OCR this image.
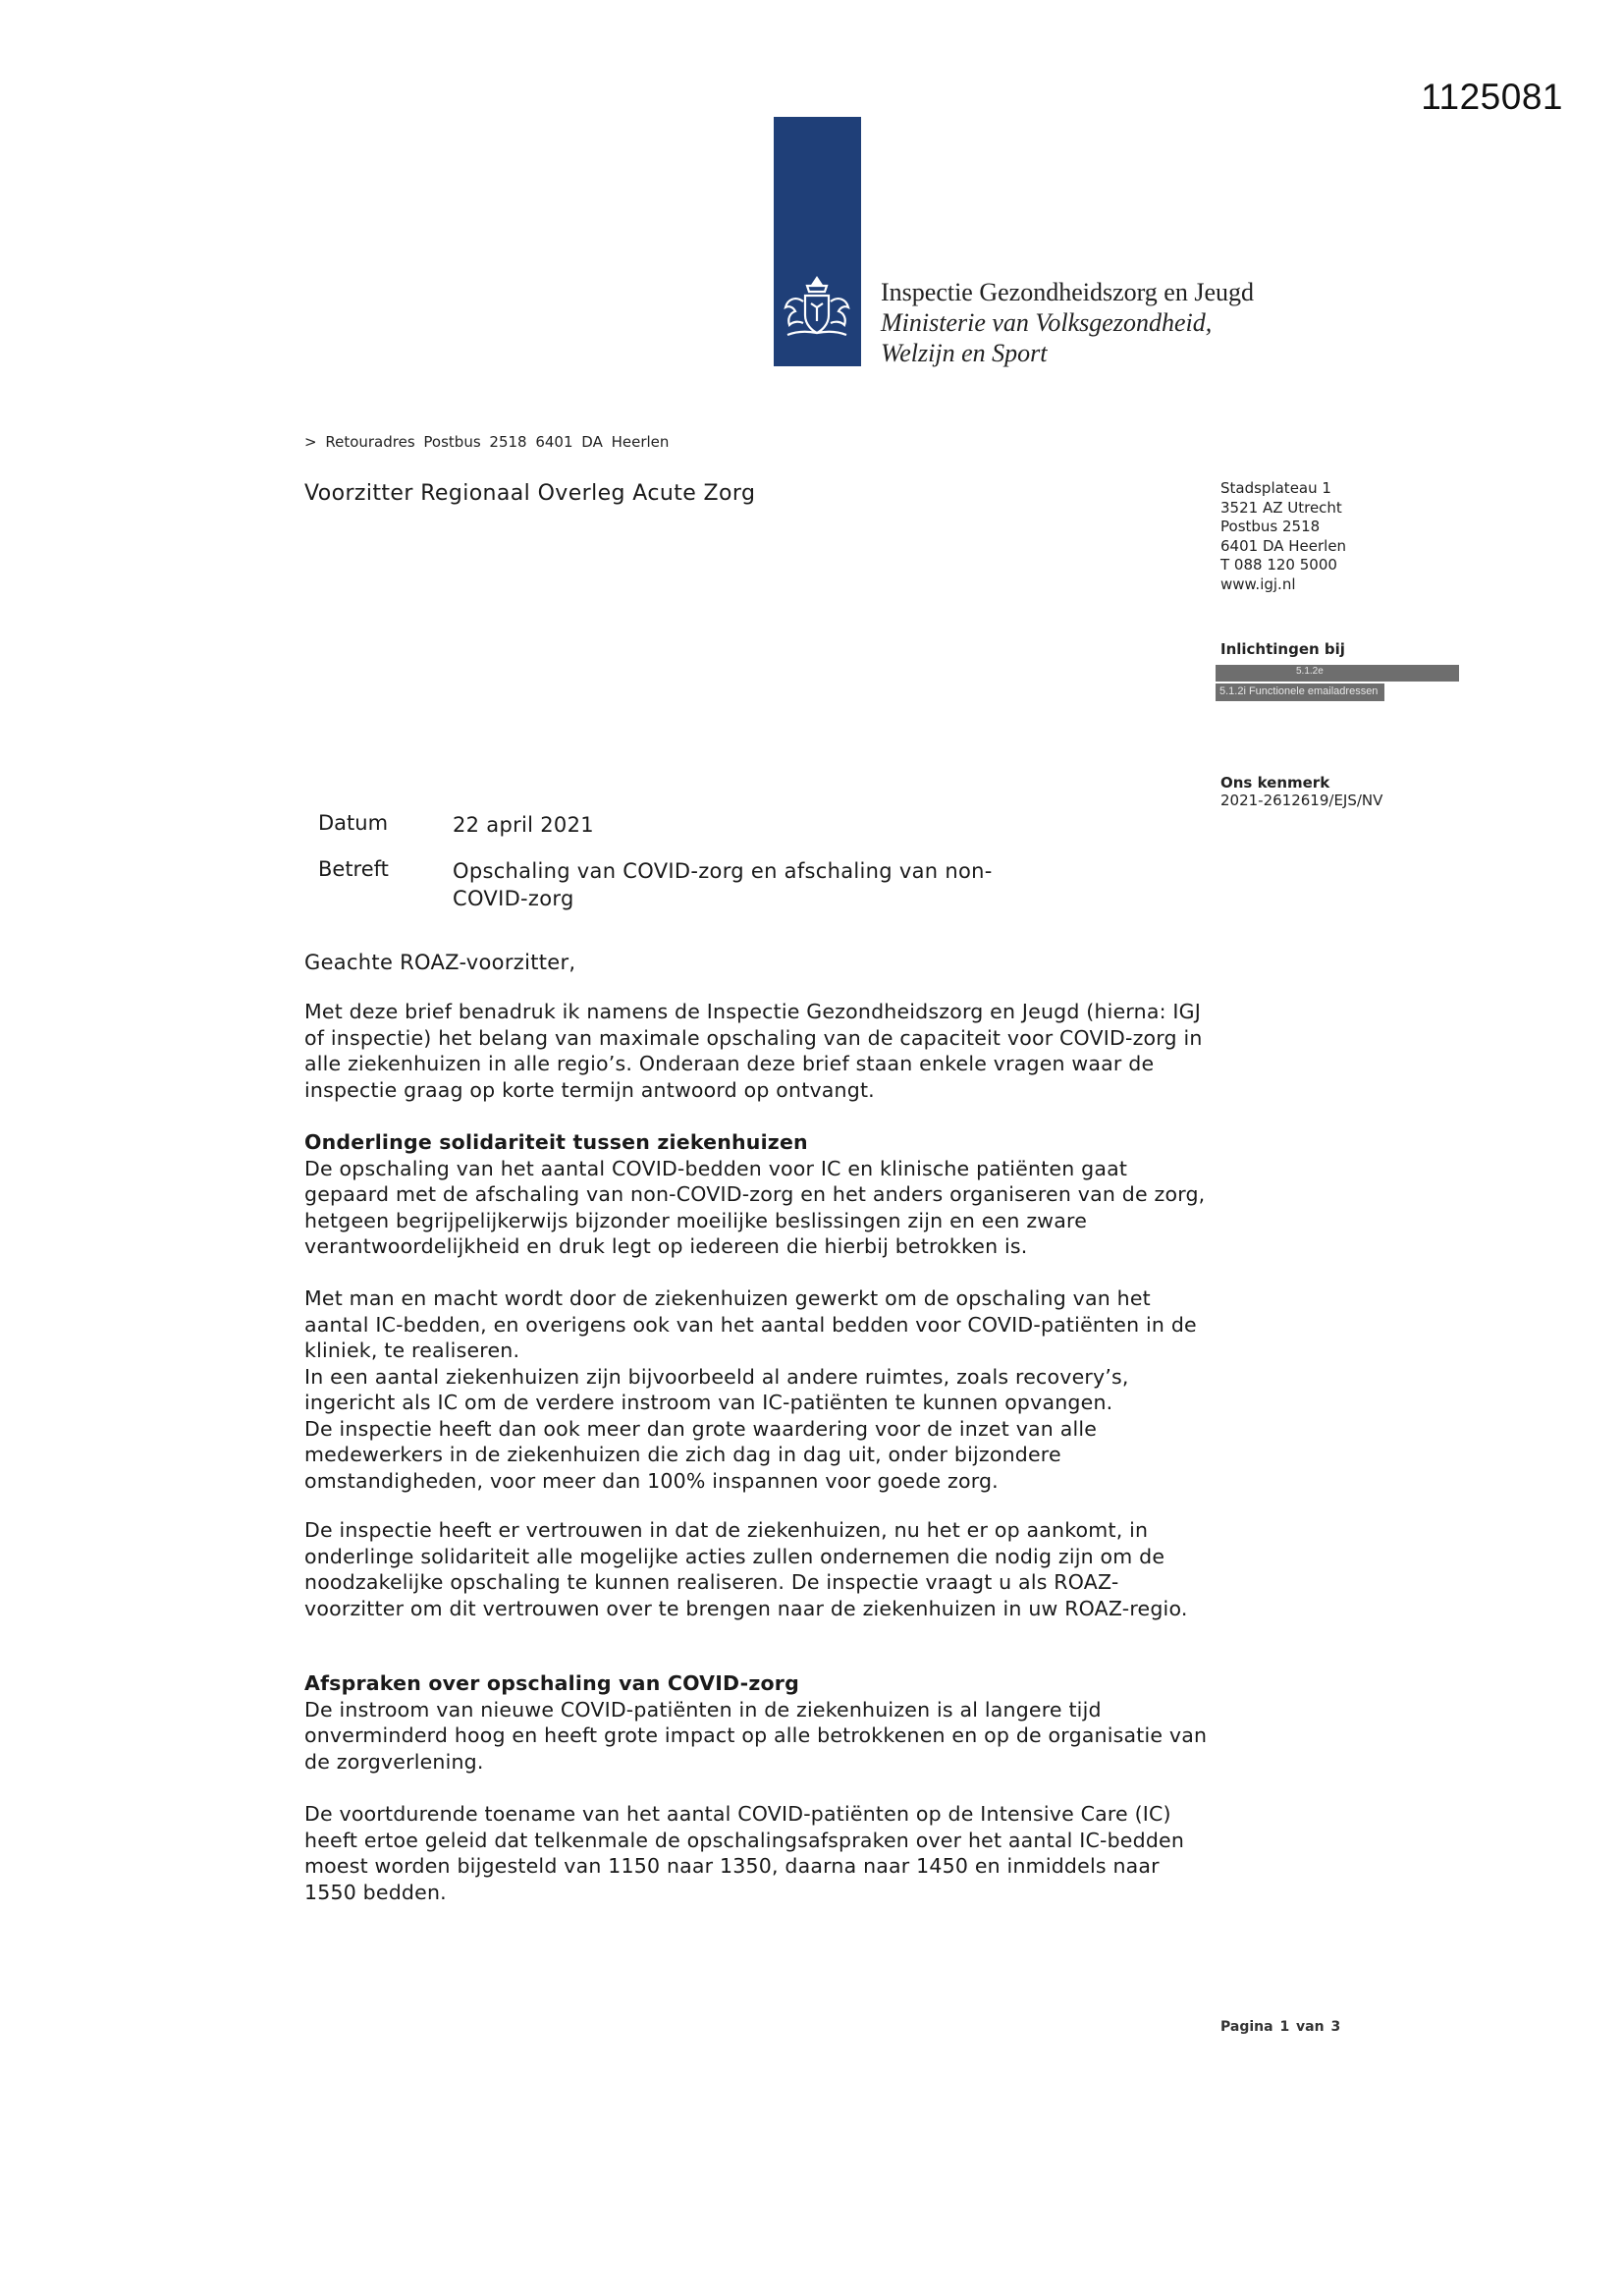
1125081
Inspectie Gezondheidszorg en Jeugd
Ministerie van Volksgezondheid,
Welzijn en Sport
> Retouradres Postbus 2518 6401 DA Heerlen
Voorzitter Regionaal Overleg Acute Zorg	Stadsplateau 1
3521 AZ Utrecht
Postbus 2518
6401 DA Heerlen
T 088 120 5000
www.igj.nl
Inlichtingen bij
5.1.2e
5.1.2i Functionele emailadressen
Ons kenmerk
2021-2612619/EJS/NV
Datum	22 april 2021
Betreft	Opschaling van COVID-zorg en afschaling van non-COVID-zorg
Geachte ROAZ-voorzitter,

Met deze brief benadruk ik namens de Inspectie Gezondheidszorg en Jeugd (hierna: IGJ of inspectie) het belang van maximale opschaling van de capaciteit voor COVID-zorg in alle ziekenhuizen in alle regio’s. Onderaan deze brief staan enkele vragen waar de inspectie graag op korte termijn antwoord op ontvangt.

Onderlinge solidariteit tussen ziekenhuizen

De opschaling van het aantal COVID-bedden voor IC en klinische patiënten gaat gepaard met de afschaling van non-COVID-zorg en het anders organiseren van de zorg, hetgeen begrijpelijkerwijs bijzonder moeilijke beslissingen zijn en een zware verantwoordelijkheid en druk legt op iedereen die hierbij betrokken is.

Met man en macht wordt door de ziekenhuizen gewerkt om de opschaling van het aantal IC-bedden, en overigens ook van het aantal bedden voor COVID-patiënten in de kliniek, te realiseren.

In een aantal ziekenhuizen zijn bijvoorbeeld al andere ruimtes, zoals recovery’s, ingericht als IC om de verdere instroom van IC-patiënten te kunnen opvangen.

De inspectie heeft dan ook meer dan grote waardering voor de inzet van alle medewerkers in de ziekenhuizen die zich dag in dag uit, onder bijzondere omstandigheden, voor meer dan 100% inspannen voor goede zorg.

De inspectie heeft er vertrouwen in dat de ziekenhuizen, nu het er op aankomt, in onderlinge solidariteit alle mogelijke acties zullen ondernemen die nodig zijn om de noodzakelijke opschaling te kunnen realiseren. De inspectie vraagt u als ROAZ-voorzitter om dit vertrouwen over te brengen naar de ziekenhuizen in uw ROAZ-regio.

Afspraken over opschaling van COVID-zorg

De instroom van nieuwe COVID-patiënten in de ziekenhuizen is al langere tijd onverminderd hoog en heeft grote impact op alle betrokkenen en op de organisatie van de zorgverlening.

De voortdurende toename van het aantal COVID-patiënten op de Intensive Care (IC) heeft ertoe geleid dat telkenmale de opschalingsafspraken over het aantal IC-bedden moest worden bijgesteld van 1150 naar 1350, daarna naar 1450 en inmiddels naar 1550 bedden.

Pagina 1 van 3
